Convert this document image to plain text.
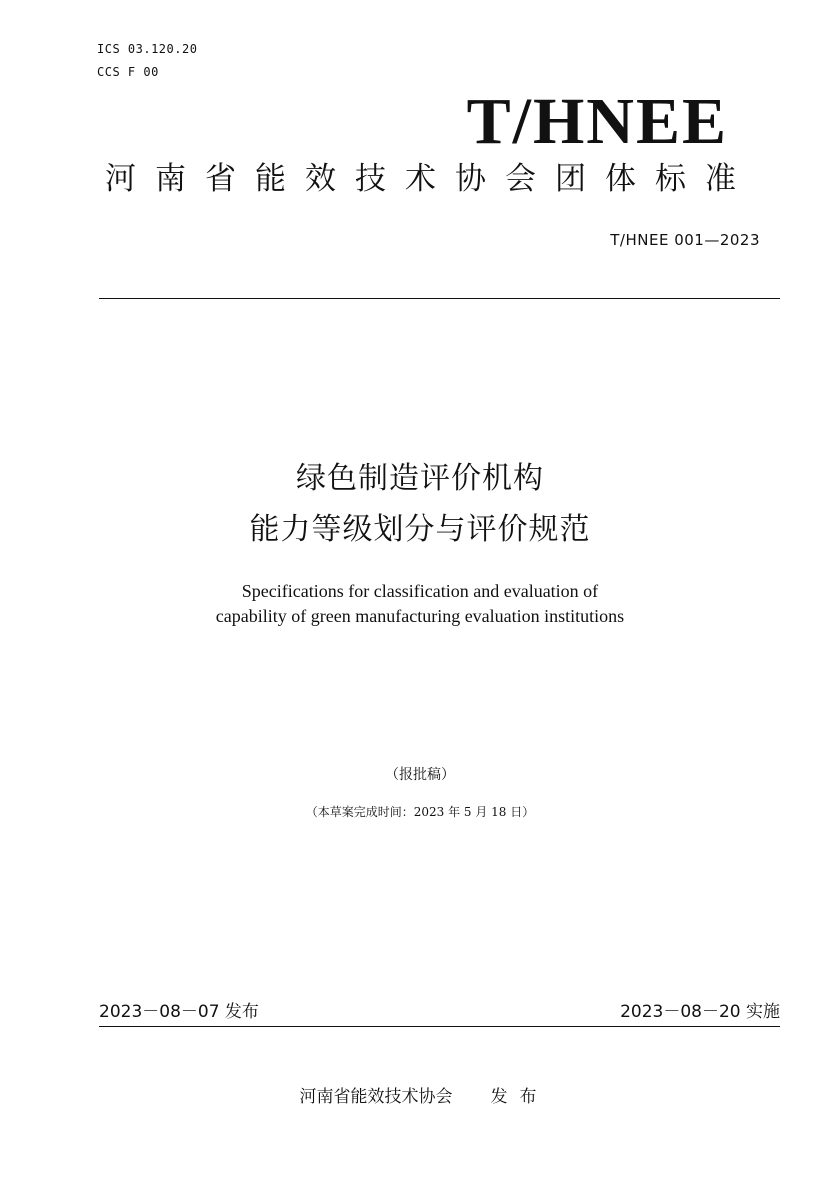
ICS 03.120.20
CCS F 00
T/HNEE
河南省能效技术协会团体标准
T/HNEE 001—2023
绿色制造评价机构
能力等级划分与评价规范
Specifications for classification and evaluation of
capability of green manufacturing evaluation institutions
（报批稿）
（本草案完成时间：2023 年 5 月 18 日）
2023－08－07 发布	2023－08－20 实施
河南省能效技术协会 发布
